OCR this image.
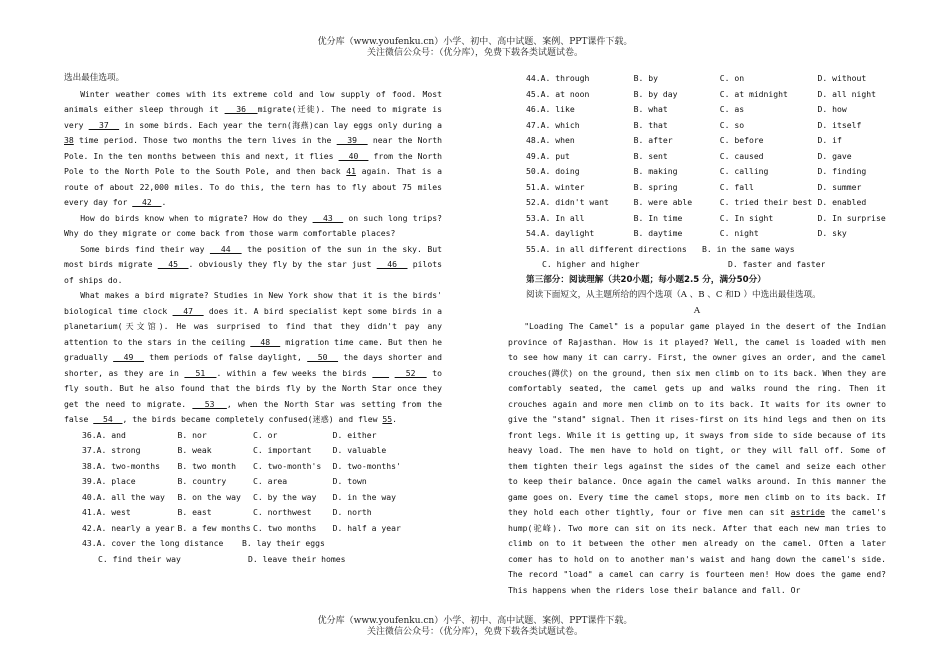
优分库（www.youfenku.cn）小学、初中、高中试题、案例、PPT课件下载。
关注微信公众号：（优分库），免费下载各类试题试卷。
选出最佳选项。
Winter weather comes with its extreme cold and low supply of food. Most animals either sleep through it   36  migrate(迁徙). The need to migrate is very   37   in some birds. Each year the tern(海燕)can lay eggs only during a 38 time period. Those two months the tern lives in the   39   near the North Pole. In the ten months between this and next, it flies   40   from the North Pole to the North Pole to the South Pole, and then back 41 again. That is a route of about 22,000 miles. To do this, the tern has to fly about 75 miles every day for   42  .
How do birds know when to migrate? How do they   43   on such long trips? Why do they migrate or come back from those warm comfortable places?
Some birds find their way   44   the position of the sun in the sky. But most birds migrate   45  . obviously they fly by the star just   46   pilots of ships do.
What makes a bird migrate? Studies in New York show that it is the birds' biological time clock   47   does it. A bird specialist kept some birds in a planetarium(天文馆). He was surprised to find that they didn't pay any attention to the stars in the ceiling   48   migration time came. But then he gradually   49   them periods of false daylight,   50   the days shorter and shorter, as they are in   51  . within a few weeks the birds	52   to fly south. But he also found that the birds fly by the North Star once they get the need to migrate.   53  , when the North Star was setting from the false   54  , the birds became completely confused(迷惑) and flew 55.
36.A. and	B. nor	C. or	D. either
37.A. strong	B. weak	C. important	D. valuable
38.A. two-months	B. two month	C. two-month's	D. two-months'
39.A. place	B. country	C. area	D. town
40.A. all the way	B. on the way	C. by the way	D. in the way
41.A. west	B. east	C. northwest	D. north
42.A. nearly a year B. a few months C. two months	D. half a year
43.A. cover the long distance	B. lay their eggs
C. find their way	D. leave their homes
44.A. through	B. by	C. on	D. without
45.A. at noon	B. by day	C. at midnight	D. all night
46.A. like	B. what	C. as	D. how
47.A. which	B. that	C. so	D. itself
48.A. when	B. after	C. before	D. if
49.A. put	B. sent	C. caused	D. gave
50.A. doing	B. making	C. calling	D. finding
51.A. winter	B. spring	C. fall	D. summer
52.A. didn't want	B. were able	C. tried their best D. enabled
53.A. In all	B. In time	C. In sight	D. In surprise
54.A. daylight	B. daytime	C. night	D. sky
55.A. in all different directions	B. in the same ways
C. higher and higher	D. faster and faster
第三部分：阅读理解（共20小题；每小题2.5 分，满分50分）
阅读下面短文，从主题所给的四个选项（A 、B 、C 和D ）中选出最佳选项。
A
"Loading The Camel" is a popular game played in the desert of the Indian province of Rajasthan. How is it played? Well, the camel is loaded with men to see how many it can carry. First, the owner gives an order, and the camel crouches(蹲伏) on the ground, then six men climb on to its back. When they are comfortably seated, the camel gets up and walks round the ring. Then it crouches again and more men climb on to its back. It waits for its owner to give the "stand" signal. Then it rises-first on its hind legs and then on its front legs. While it is getting up, it sways from side to side because of its heavy load. The men have to hold on tight, or they will fall off. Some of them tighten their legs against the sides of the camel and seize each other to keep their balance. Once again the camel walks around. In this manner the game goes on. Every time the camel stops, more men climb on to its back. If they hold each other tightly, four or five men can sit astride the camel's hump(驼峰). Two more can sit on its neck. After that each new man tries to climb on to it between the other men already on the camel. Often a later comer has to hold on to another man's waist and hang down the camel's side. The record "load" a camel can carry is fourteen men! How does the game end? This happens when the riders lose their balance and fall. Or
优分库（www.youfenku.cn）小学、初中、高中试题、案例、PPT课件下载。
关注微信公众号：（优分库），免费下载各类试题试卷。
